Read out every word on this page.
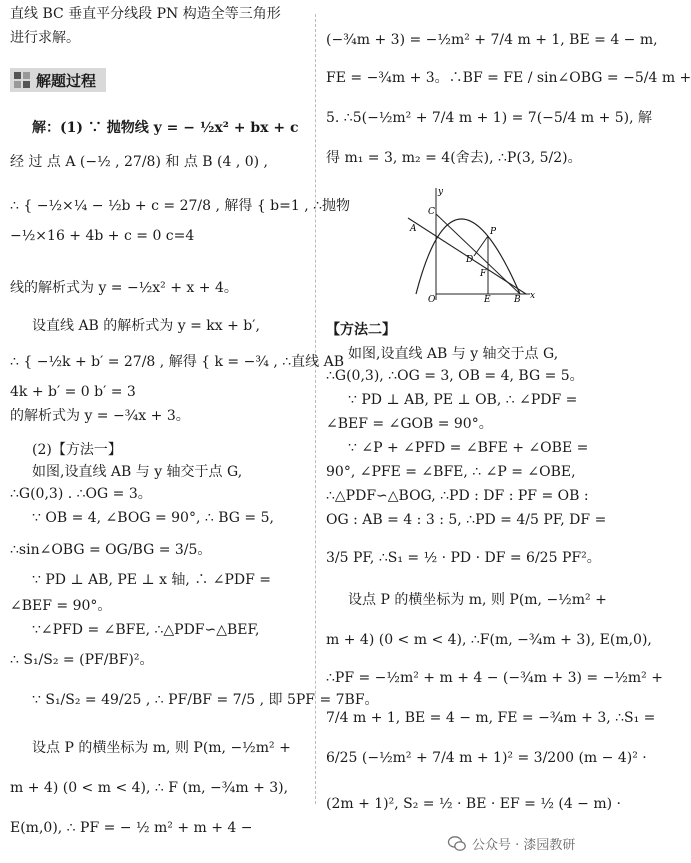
直线 BC 垂直平分线段 PN 构造全等三角形
进行求解。
解：(1) ∵ 抛物线 y = − ½x² + bx + c
经 过 点 A (−½ , 27/8) 和 点 B (4 , 0) ,
∴ { −½×¼ − ½b + c = 27/8 , 解得 { b=1 , ∴抛物
−½×16 + 4b + c = 0 c=4
线的解析式为 y = −½x² + x + 4。
设直线 AB 的解析式为 y = kx + b′,
∴ { −½k + b′ = 27/8 , 解得 { k = −¾ , ∴直线 AB
4k + b′ = 0 b′ = 3
的解析式为 y = −¾x + 3。
(2)【方法一】
如图,设直线 AB 与 y 轴交于点 G,
∴G(0,3) . ∴OG = 3。
∵ OB = 4, ∠BOG = 90°, ∴ BG = 5,
∴sin∠OBG = OG/BG = 3/5。
∵ PD ⊥ AB, PE ⊥ x 轴, ∴ ∠PDF =
∠BEF = 90°。
∵∠PFD = ∠BFE, ∴△PDF∽△BEF,
∴ S₁/S₂ = (PF/BF)²。
∵ S₁/S₂ = 49/25 , ∴ PF/BF = 7/5 , 即 5PF = 7BF。
设点 P 的横坐标为 m, 则 P(m, −½m² +
m + 4) (0 < m < 4), ∴ F (m, −¾m + 3),
E(m,0), ∴ PF = − ½ m² + m + 4 −
解题过程
(−¾m + 3) = −½m² + 7/4 m + 1, BE = 4 − m,
FE = −¾m + 3。∴BF = FE / sin∠OBG = −5/4 m +
5. ∴5(−½m² + 7/4 m + 1) = 7(−5/4 m + 5), 解
得 m₁ = 3, m₂ = 4(舍去), ∴P(3, 5/2)。
【方法二】
如图,设直线 AB 与 y 轴交于点 G,
∴G(0,3), ∴OG = 3, OB = 4, BG = 5。
∵ PD ⊥ AB, PE ⊥ OB, ∴ ∠PDF =
∠BEF = ∠GOB = 90°。
∵ ∠P + ∠PFD = ∠BFE + ∠OBE =
90°, ∠PFE = ∠BFE, ∴ ∠P = ∠OBE,
∴△PDF∽△BOG, ∴PD : DF : PF = OB :
OG : AB = 4 : 3 : 5, ∴PD = 4/5 PF, DF =
3/5 PF, ∴S₁ = ½ · PD · DF = 6/25 PF²。
设点 P 的横坐标为 m, 则 P(m, −½m² +
m + 4) (0 < m < 4), ∴F(m, −¾m + 3), E(m,0),
∴PF = −½m² + m + 4 − (−¾m + 3) = −½m² +
7/4 m + 1, BE = 4 − m, FE = −¾m + 3, ∴S₁ =
6/25 (−½m² + 7/4 m + 1)² = 3/200 (m − 4)² ·
(2m + 1)², S₂ = ½ · BE · EF = ½ (4 − m) ·
y
x
O
C
A	P
D
F
E	B
公众号 · 漆园教研
